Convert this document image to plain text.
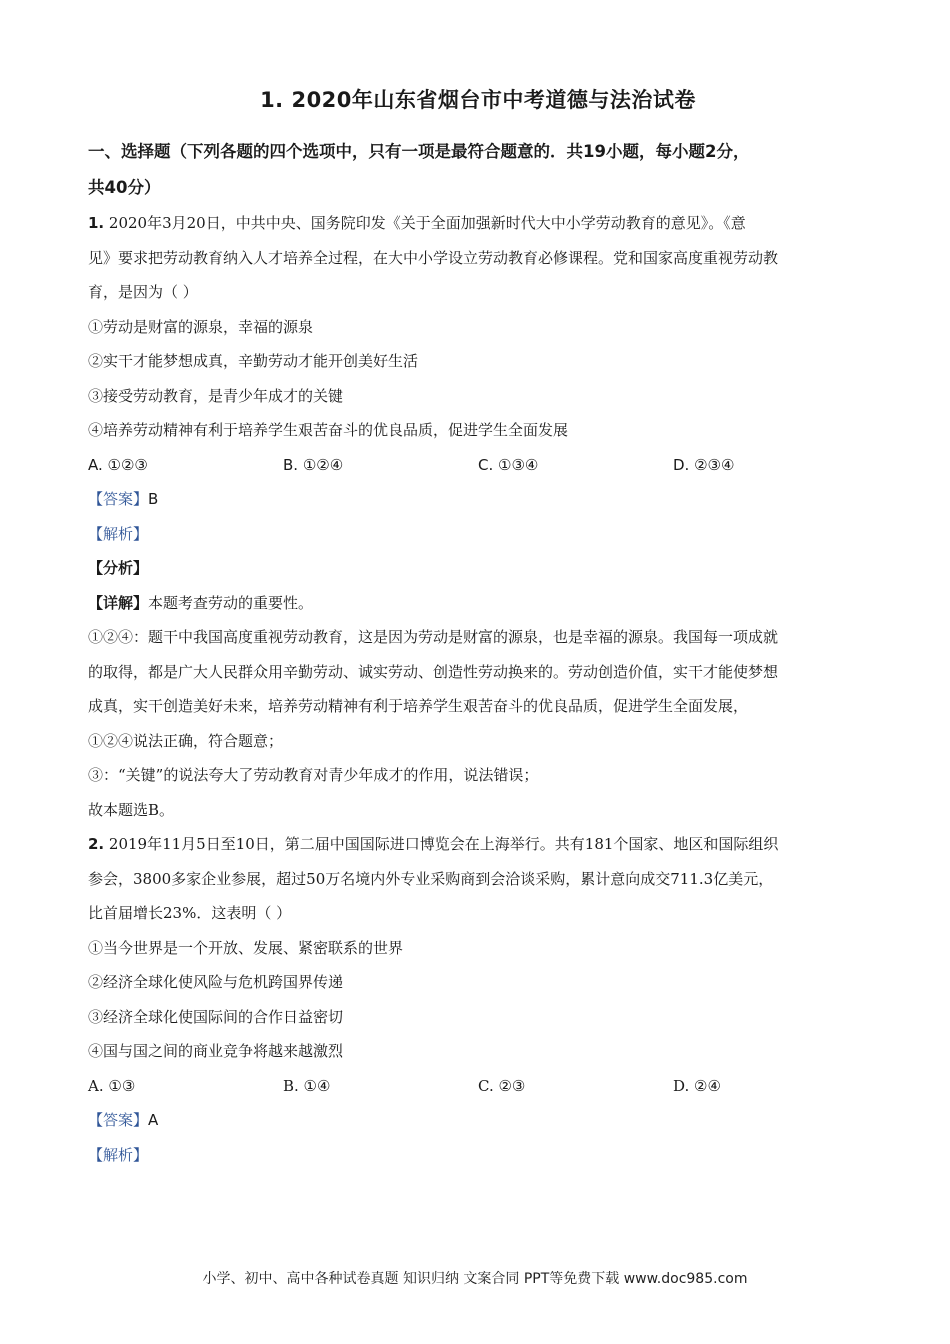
1. 2020年山东省烟台市中考道德与法治试卷

一、选择题（下列各题的四个选项中，只有一项是最符合题意的．共19小题，每小题2分，

共40分）

1. 2020年3月20日，中共中央、国务院印发《关于全面加强新时代大中小学劳动教育的意见》。《意

见》要求把劳动教育纳入人才培养全过程，在大中小学设立劳动教育必修课程。党和国家高度重视劳动教

育，是因为（ ）

①劳动是财富的源泉，幸福的源泉

②实干才能梦想成真，辛勤劳动才能开创美好生活

③接受劳动教育，是青少年成才的关键

④培养劳动精神有利于培养学生艰苦奋斗的优良品质，促进学生全面发展

A. ①②③	B. ①②④	C. ①③④	D. ②③④

【答案】B

【解析】

【分析】

【详解】本题考查劳动的重要性。

①②④：题干中我国高度重视劳动教育，这是因为劳动是财富的源泉，也是幸福的源泉。我国每一项成就

的取得，都是广大人民群众用辛勤劳动、诚实劳动、创造性劳动换来的。劳动创造价值，实干才能使梦想

成真，实干创造美好未来，培养劳动精神有利于培养学生艰苦奋斗的优良品质，促进学生全面发展，

①②④说法正确，符合题意；

③：“关键”的说法夸大了劳动教育对青少年成才的作用，说法错误；

故本题选B。

2. 2019年11月5日至10日，第二届中国国际进口博览会在上海举行。共有181个国家、地区和国际组织

参会，3800多家企业参展，超过50万名境内外专业采购商到会洽谈采购，累计意向成交711.3亿美元，

比首届增长23%．这表明（ ）

①当今世界是一个开放、发展、紧密联系的世界

②经济全球化使风险与危机跨国界传递

③经济全球化使国际间的合作日益密切

④国与国之间的商业竞争将越来越激烈

A. ①③	B. ①④	C. ②③	D. ②④

【答案】A

【解析】

小学、初中、高中各种试卷真题 知识归纳 文案合同 PPT等免费下载 www.doc985.com
